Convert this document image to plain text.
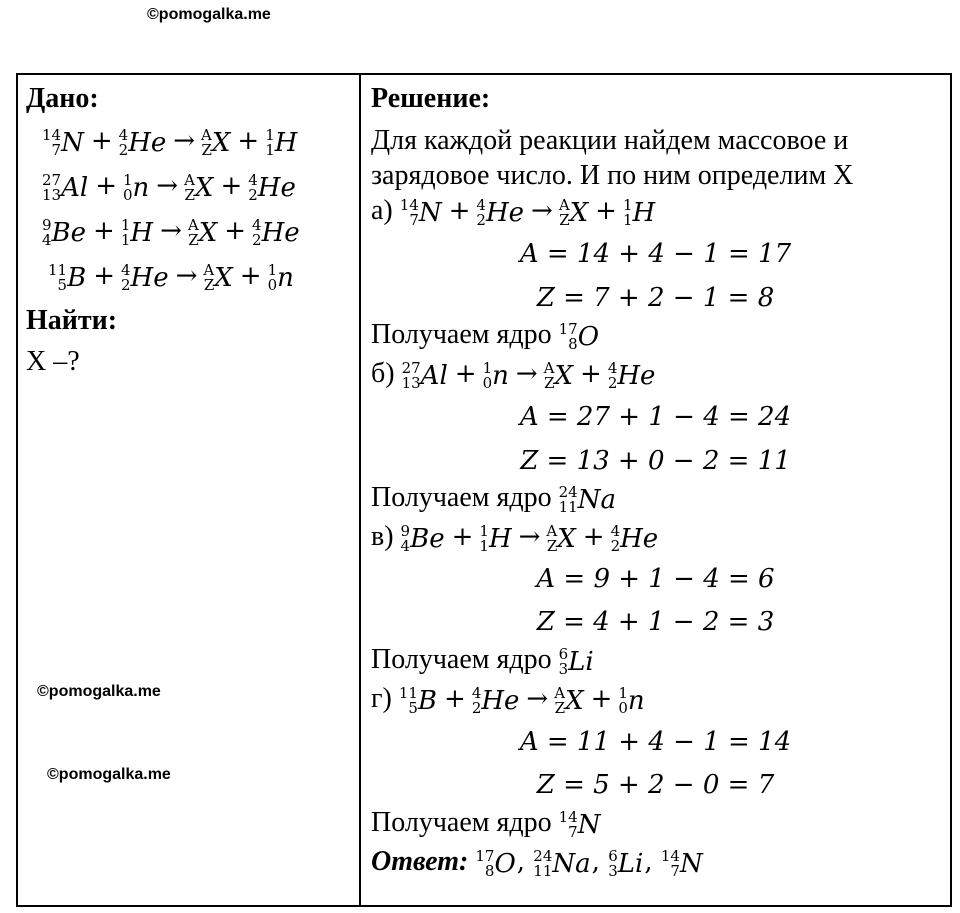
©pomogalka.me
©pomogalka.me
©pomogalka.me
Дано:
14
7 N + 4
2 He → A
Z X + 1
1 H
27
13 Al + 1
0 n → A
Z X + 4
2 He
9
4 Be + 1
1 H → A
Z X + 4
2 He
11
5 B + 4
2 He → A
Z X + 1
0 n
Найти:
X –?
Решение:
Для каждой реакции найдем массовое и
зарядовое число. И по ним определим X
а) 14
7 N + 4
2 He → A
Z X + 1
1 H
A = 14 + 4 − 1 = 17
Z = 7 + 2 − 1 = 8
Получаем ядро 17
8 O
б) 27
13 Al + 1
0 n → A
Z X + 4
2 He
A = 27 + 1 − 4 = 24
Z = 13 + 0 − 2 = 11
Получаем ядро 24
11 Na
в) 9
4 Be + 1
1 H → A
Z X + 4
2 He
A = 9 + 1 − 4 = 6
Z = 4 + 1 − 2 = 3
Получаем ядро 6
3 Li
г) 11
5 B + 4
2 He → A
Z X + 1
0 n
A = 11 + 4 − 1 = 14
Z = 5 + 2 − 0 = 7
Получаем ядро 14
7 N
Ответ: 17
8 O, 24
11 Na, 6
3 Li, 14
7 N
